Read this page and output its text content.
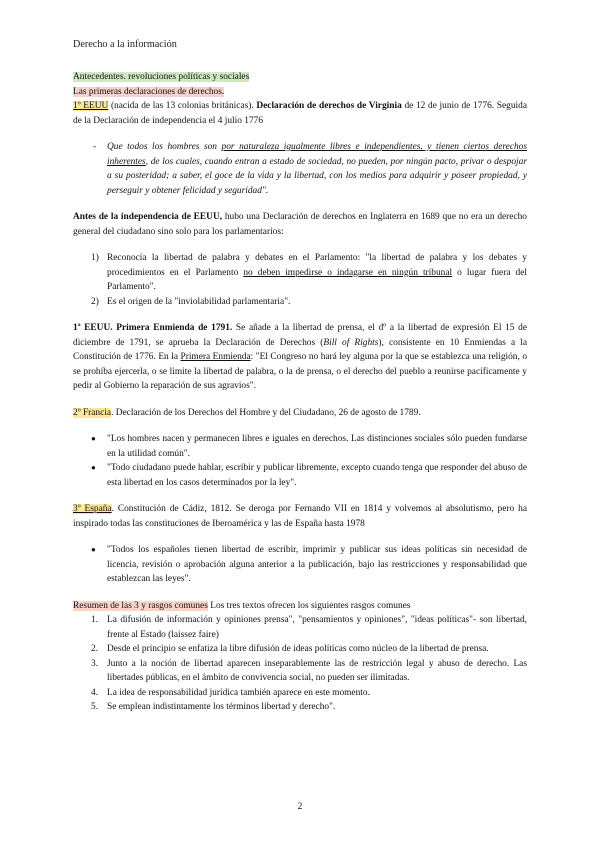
Derecho a la información

Antecedentes. revoluciones políticas y sociales

Las primeras declaraciones de derechos.

1º EEUU (nacida de las 13 colonias británicas). Declaración de derechos de Virginia de 12 de junio de 1776. Seguida de la Declaración de independencia el 4 julio 1776

- Que todos los hombres son por naturaleza igualmente libres e independientes, y tienen ciertos derechos inherentes, de los cuales, cuando entran a estado de sociedad, no pueden, por ningún pacto, privar o despojar a su posteridad; a saber, el goce de la vida y la libertad, con los medios para adquirir y poseer propiedad, y perseguir y obtener felicidad y seguridad".

Antes de la independencia de EEUU, hubo una Declaración de derechos en Inglaterra en 1689 que no era un derecho general del ciudadano sino solo para los parlamentarios:

1) Reconocía la libertad de palabra y debates en el Parlamento: "la libertad de palabra y los debates y procedimientos en el Parlamento no deben impedirse o indagarse en ningún tribunal o lugar fuera del Parlamento".
2) Es el origen de la "inviolabilidad parlamentaria".

1ª EEUU. Primera Enmienda de 1791. Se añade a la libertad de prensa, el dº a la libertad de expresión El 15 de diciembre de 1791, se aprueba la Declaración de Derechos (Bill of Rights), consistente en 10 Enmiendas a la Constitución de 1776. En la Primera Enmienda: "El Congreso no hará ley alguna por la que se establezca una religión, o se prohíba ejercerla, o se limite la libertad de palabra, o la de prensa, o el derecho del pueblo a reunirse pacíficamente y pedir al Gobierno la reparación de sus agravios".

2º Francia. Declaración de los Derechos del Hombre y del Ciudadano, 26 de agosto de 1789.

● "Los hombres nacen y permanecen libres e iguales en derechos. Las distinciones sociales sólo pueden fundarse en la utilidad común".
● "Todo ciudadano puede hablar, escribir y publicar libremente, excepto cuando tenga que responder del abuso de esta libertad en los casos determinados por la ley".

3º España. Constitución de Cádiz, 1812. Se deroga por Fernando VII en 1814 y volvemos al absolutismo, pero ha inspirado todas las constituciones de Iberoamérica y las de España hasta 1978

● "Todos los españoles tienen libertad de escribir, imprimir y publicar sus ideas políticas sin necesidad de licencia, revisión o aprobación alguna anterior a la publicación, bajo las restricciones y responsabilidad que establezcan las leyes".

Resumen de las 3 y rasgos comunes Los tres textos ofrecen los siguientes rasgos comunes

1. La difusión de información y opiniones prensa", "pensamientos y opiniones", "ideas políticas"- son libertad, frente al Estado (laissez faire)
2. Desde el principio se enfatiza la libre difusión de ideas políticas como núcleo de la libertad de prensa.
3. Junto a la noción de libertad aparecen inseparablemente las de restricción legal y abuso de derecho. Las libertades públicas, en el ámbito de convivencia social, no pueden ser ilimitadas.
4. La idea de responsabilidad jurídica también aparece en este momento.
5. Se emplean indistintamente los términos libertad y derecho".
2
